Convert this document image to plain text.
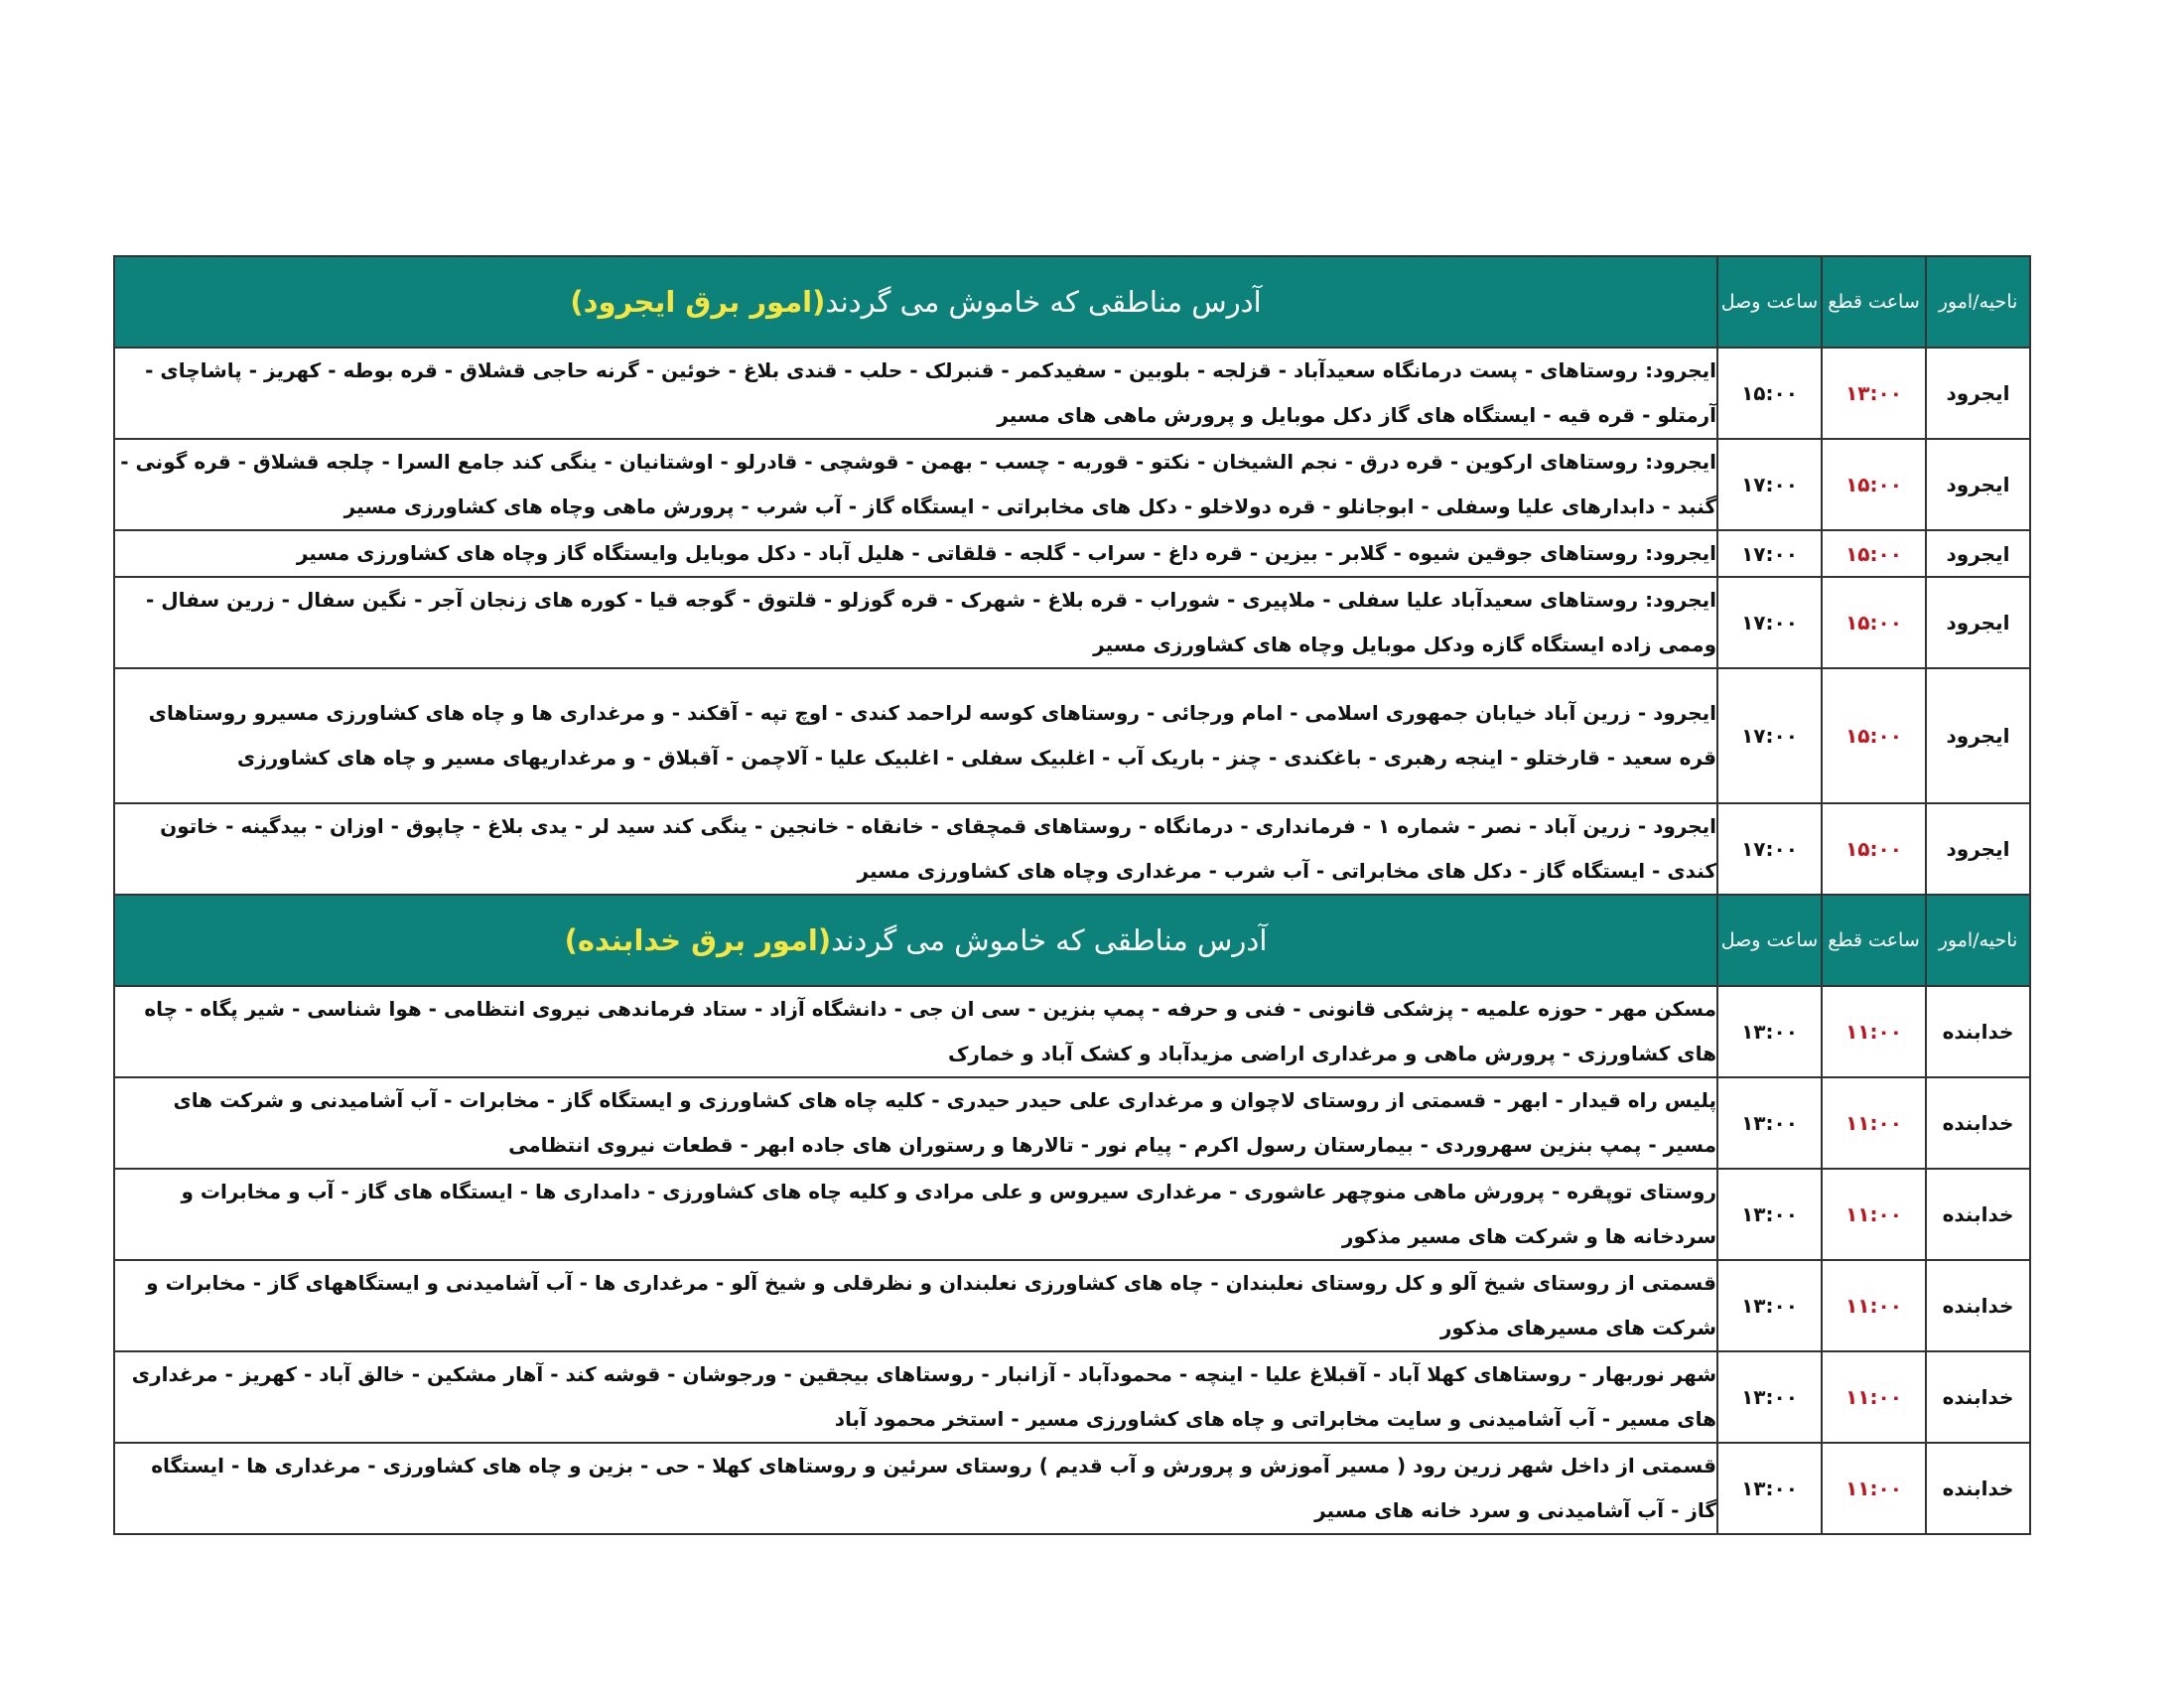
ناحیه/امور	ساعت قطع	ساعت وصل	آدرس مناطقی که خاموش می گردند(امور برق ایجرود)
ایجرود	۱۳:۰۰	۱۵:۰۰	ایجرود: روستاهای - پست درمانگاه سعیدآباد - قزلجه - بلوبین - سفیدکمر - قنبرلک - حلب - قندی بلاغ - خوئین - گرنه حاجی قشلاق - قره بوطه - کهریز - پاشاچای - آرمتلو - قره قیه - ایستگاه های گاز دکل موبایل و پرورش ماهی های مسیر
ایجرود	۱۵:۰۰	۱۷:۰۰	ایجرود: روستاهای ارکوین - قره درق - نجم الشیخان - نکتو - قوربه - چسب - بهمن - قوشچی - قادرلو - اوشتانیان - ینگی کند جامع السرا - چلجه قشلاق - قره گونی - گنبد - دابدارهای علیا وسفلی - ابوجانلو - قره دولاخلو - دکل های مخابراتی - ایستگاه گاز - آب شرب - پرورش ماهی وچاه های کشاورزی مسیر
ایجرود	۱۵:۰۰	۱۷:۰۰	ایجرود: روستاهای جوقین شیوه - گلابر - بیزین - قره داغ - سراب - گلجه - قلقاتی - هلیل آباد - دکل موبایل وایستگاه گاز وچاه های کشاورزی مسیر
ایجرود	۱۵:۰۰	۱۷:۰۰	ایجرود: روستاهای سعیدآباد علیا سفلی - ملاپیری - شوراب - قره بلاغ - شهرک - قره گوزلو - قلتوق - گوجه قیا - کوره های زنجان آجر - نگین سفال - زرین سفال - وممی زاده ایستگاه گازه ودکل موبایل وچاه های کشاورزی مسیر
ایجرود	۱۵:۰۰	۱۷:۰۰	ایجرود - زرین آباد خیابان جمهوری اسلامی - امام ورجائی - روستاهای کوسه لراحمد کندی - اوچ تپه - آقکند - و مرغداری ها و چاه های کشاورزی مسیرو روستاهای قره سعید - قارختلو - اینجه رهبری - باغکندی - چنز - باریک آب - اغلبیک سفلی - اغلبیک علیا - آلاچمن - آقبلاق - و مرغداریهای مسیر و چاه های کشاورزی
ایجرود	۱۵:۰۰	۱۷:۰۰	ایجرود - زرین آباد - نصر - شماره ۱ - فرمانداری - درمانگاه - روستاهای قمچقای - خانقاه - خانجین - ینگی کند سید لر - یدی بلاغ - چاپوق - اوزان - بیدگینه - خاتون کندی - ایستگاه گاز - دکل های مخابراتی - آب شرب - مرغداری وچاه های کشاورزی مسیر
ناحیه/امور	ساعت قطع	ساعت وصل	آدرس مناطقی که خاموش می گردند(امور برق خدابنده)
خدابنده	۱۱:۰۰	۱۳:۰۰	مسکن مهر - حوزه علمیه - پزشکی قانونی - فنی و حرفه - پمپ بنزین - سی ان جی - دانشگاه آزاد - ستاد فرماندهی نیروی انتظامی - هوا شناسی - شیر پگاه - چاه های کشاورزی - پرورش ماهی و مرغداری اراضی مزیدآباد و کشک آباد و خمارک
خدابنده	۱۱:۰۰	۱۳:۰۰	پلیس راه قیدار - ابهر - قسمتی از روستای لاچوان و مرغداری علی حیدر حیدری - کلیه چاه های کشاورزی و ایستگاه گاز - مخابرات - آب آشامیدنی و شرکت های مسیر - پمپ بنزین سهروردی - بیمارستان رسول اکرم - پیام نور - تالارها و رستوران های جاده ابهر - قطعات نیروی انتظامی
خدابنده	۱۱:۰۰	۱۳:۰۰	روستای توپقره - پرورش ماهی منوچهر عاشوری - مرغداری سیروس و علی مرادی و کلیه چاه های کشاورزی - دامداری ها - ایستگاه های گاز - آب و مخابرات و سردخانه ها و شرکت های مسیر مذکور
خدابنده	۱۱:۰۰	۱۳:۰۰	قسمتی از روستای شیخ آلو و کل روستای نعلبندان - چاه های کشاورزی نعلبندان و نظرقلی و شیخ آلو - مرغداری ها - آب آشامیدنی و ایستگاههای گاز - مخابرات و شرکت های مسیرهای مذکور
خدابنده	۱۱:۰۰	۱۳:۰۰	شهر نوربهار - روستاهای کهلا آباد - آقبلاغ علیا - اینچه - محمودآباد - آزانبار - روستاهای بیجقین - ورجوشان - قوشه کند - آهار مشکین - خالق آباد - کهریز - مرغداری های مسیر - آب آشامیدنی و سایت مخابراتی و چاه های کشاورزی مسیر - استخر محمود آباد
خدابنده	۱۱:۰۰	۱۳:۰۰	قسمتی از داخل شهر زرین رود ( مسیر آموزش و پرورش و آب قدیم ) روستای سرئین و روستاهای کهلا - حی - بزین و چاه های کشاورزی - مرغداری ها - ایستگاه گاز - آب آشامیدنی و سرد خانه های مسیر
